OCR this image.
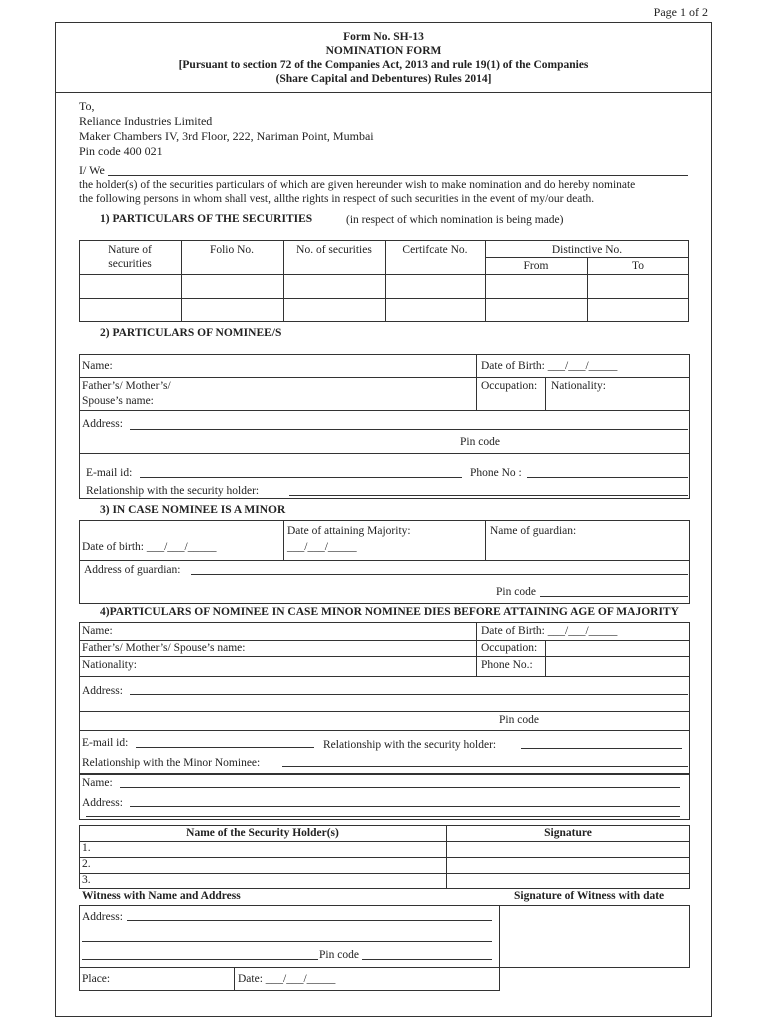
Page 1 of 2
Form No. SH-13
NOMINATION FORM
[Pursuant to section 72 of the Companies Act, 2013 and rule 19(1) of the Companies
(Share Capital and Debentures) Rules 2014]
To,
Reliance Industries Limited
Maker Chambers IV, 3rd Floor, 222, Nariman Point, Mumbai
Pin code 400 021
I/ We
the holder(s) of the securities particulars of which are given hereunder wish to make nomination and do hereby nominate
the following persons in whom shall vest, allthe rights in respect of such securities in the event of my/our death.
1) PARTICULARS OF THE SECURITIES	(in respect of which nomination is being made)
Nature of
securities
Folio No.	No. of securities	Certifcate No.	Distinctive No.
From	To
2) PARTICULARS OF NOMINEE/S
Name:	Date of Birth: ___/___/_____
Father’s/ Mother’s/
Spouse’s name:
Occupation: Nationality:
Address:
Pin code
E-mail id:	Phone No :
Relationship with the security holder:
3) IN CASE NOMINEE IS A MINOR
Date of birth: ___/___/_____
Date of attaining Majority:
___/___/_____
Name of guardian:
Address of guardian:
Pin code
4)PARTICULARS OF NOMINEE IN CASE MINOR NOMINEE DIES BEFORE ATTAINING AGE OF MAJORITY
Name:	Date of Birth: ___/___/_____
Father’s/ Mother’s/ Spouse’s name:	Occupation:
Nationality:	Phone No.:
Address:
Pin code
E-mail id:	Relationship with the security holder:
Relationship with the Minor Nominee:
Name:
Address:
Name of the Security Holder(s)	Signature
1.
2.
3.
Witness with Name and Address	Signature of Witness with date
Address:
Pin code
Place:	Date: ___/___/_____
